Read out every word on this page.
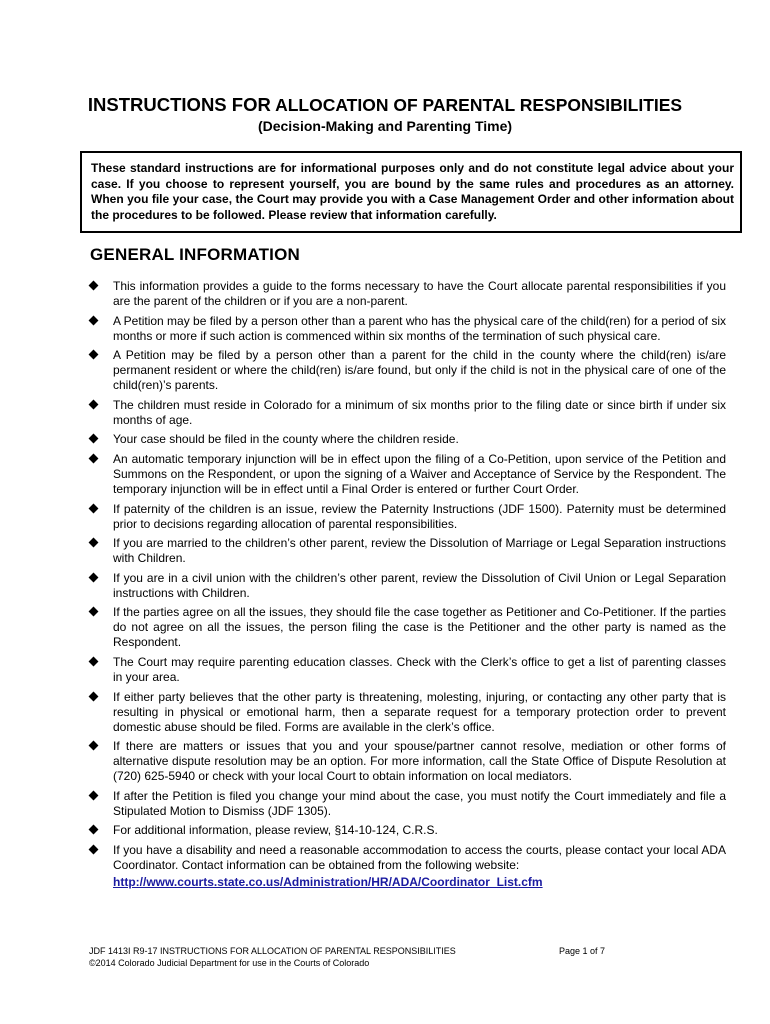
INSTRUCTIONS FOR ALLOCATION OF PARENTAL RESPONSIBILITIES
(Decision-Making and Parenting Time)
These standard instructions are for informational purposes only and do not constitute legal advice about your case. If you choose to represent yourself, you are bound by the same rules and procedures as an attorney. When you file your case, the Court may provide you with a Case Management Order and other information about the procedures to be followed. Please review that information carefully.
GENERAL INFORMATION
This information provides a guide to the forms necessary to have the Court allocate parental responsibilities if you are the parent of the children or if you are a non-parent.
A Petition may be filed by a person other than a parent who has the physical care of the child(ren) for a period of six months or more if such action is commenced within six months of the termination of such physical care.
A Petition may be filed by a person other than a parent for the child in the county where the child(ren) is/are permanent resident or where the child(ren) is/are found, but only if the child is not in the physical care of one of the child(ren)’s parents.
The children must reside in Colorado for a minimum of six months prior to the filing date or since birth if under six months of age.
Your case should be filed in the county where the children reside.
An automatic temporary injunction will be in effect upon the filing of a Co-Petition, upon service of the Petition and Summons on the Respondent, or upon the signing of a Waiver and Acceptance of Service by the Respondent. The temporary injunction will be in effect until a Final Order is entered or further Court Order.
If paternity of the children is an issue, review the Paternity Instructions (JDF 1500). Paternity must be determined prior to decisions regarding allocation of parental responsibilities.
If you are married to the children’s other parent, review the Dissolution of Marriage or Legal Separation instructions with Children.
If you are in a civil union with the children’s other parent, review the Dissolution of Civil Union or Legal Separation instructions with Children.
If the parties agree on all the issues, they should file the case together as Petitioner and Co-Petitioner. If the parties do not agree on all the issues, the person filing the case is the Petitioner and the other party is named as the Respondent.
The Court may require parenting education classes. Check with the Clerk’s office to get a list of parenting classes in your area.
If either party believes that the other party is threatening, molesting, injuring, or contacting any other party that is resulting in physical or emotional harm, then a separate request for a temporary protection order to prevent domestic abuse should be filed. Forms are available in the clerk’s office.
If there are matters or issues that you and your spouse/partner cannot resolve, mediation or other forms of alternative dispute resolution may be an option. For more information, call the State Office of Dispute Resolution at (720) 625-5940 or check with your local Court to obtain information on local mediators.
If after the Petition is filed you change your mind about the case, you must notify the Court immediately and file a Stipulated Motion to Dismiss (JDF 1305).
For additional information, please review, §14-10-124, C.R.S.
If you have a disability and need a reasonable accommodation to access the courts, please contact your local ADA Coordinator. Contact information can be obtained from the following website:
http://www.courts.state.co.us/Administration/HR/ADA/Coordinator_List.cfm
JDF 1413I R9-17 INSTRUCTIONS FOR ALLOCATION OF PARENTAL RESPONSIBILITIES	Page 1 of 7
©2014 Colorado Judicial Department for use in the Courts of Colorado
